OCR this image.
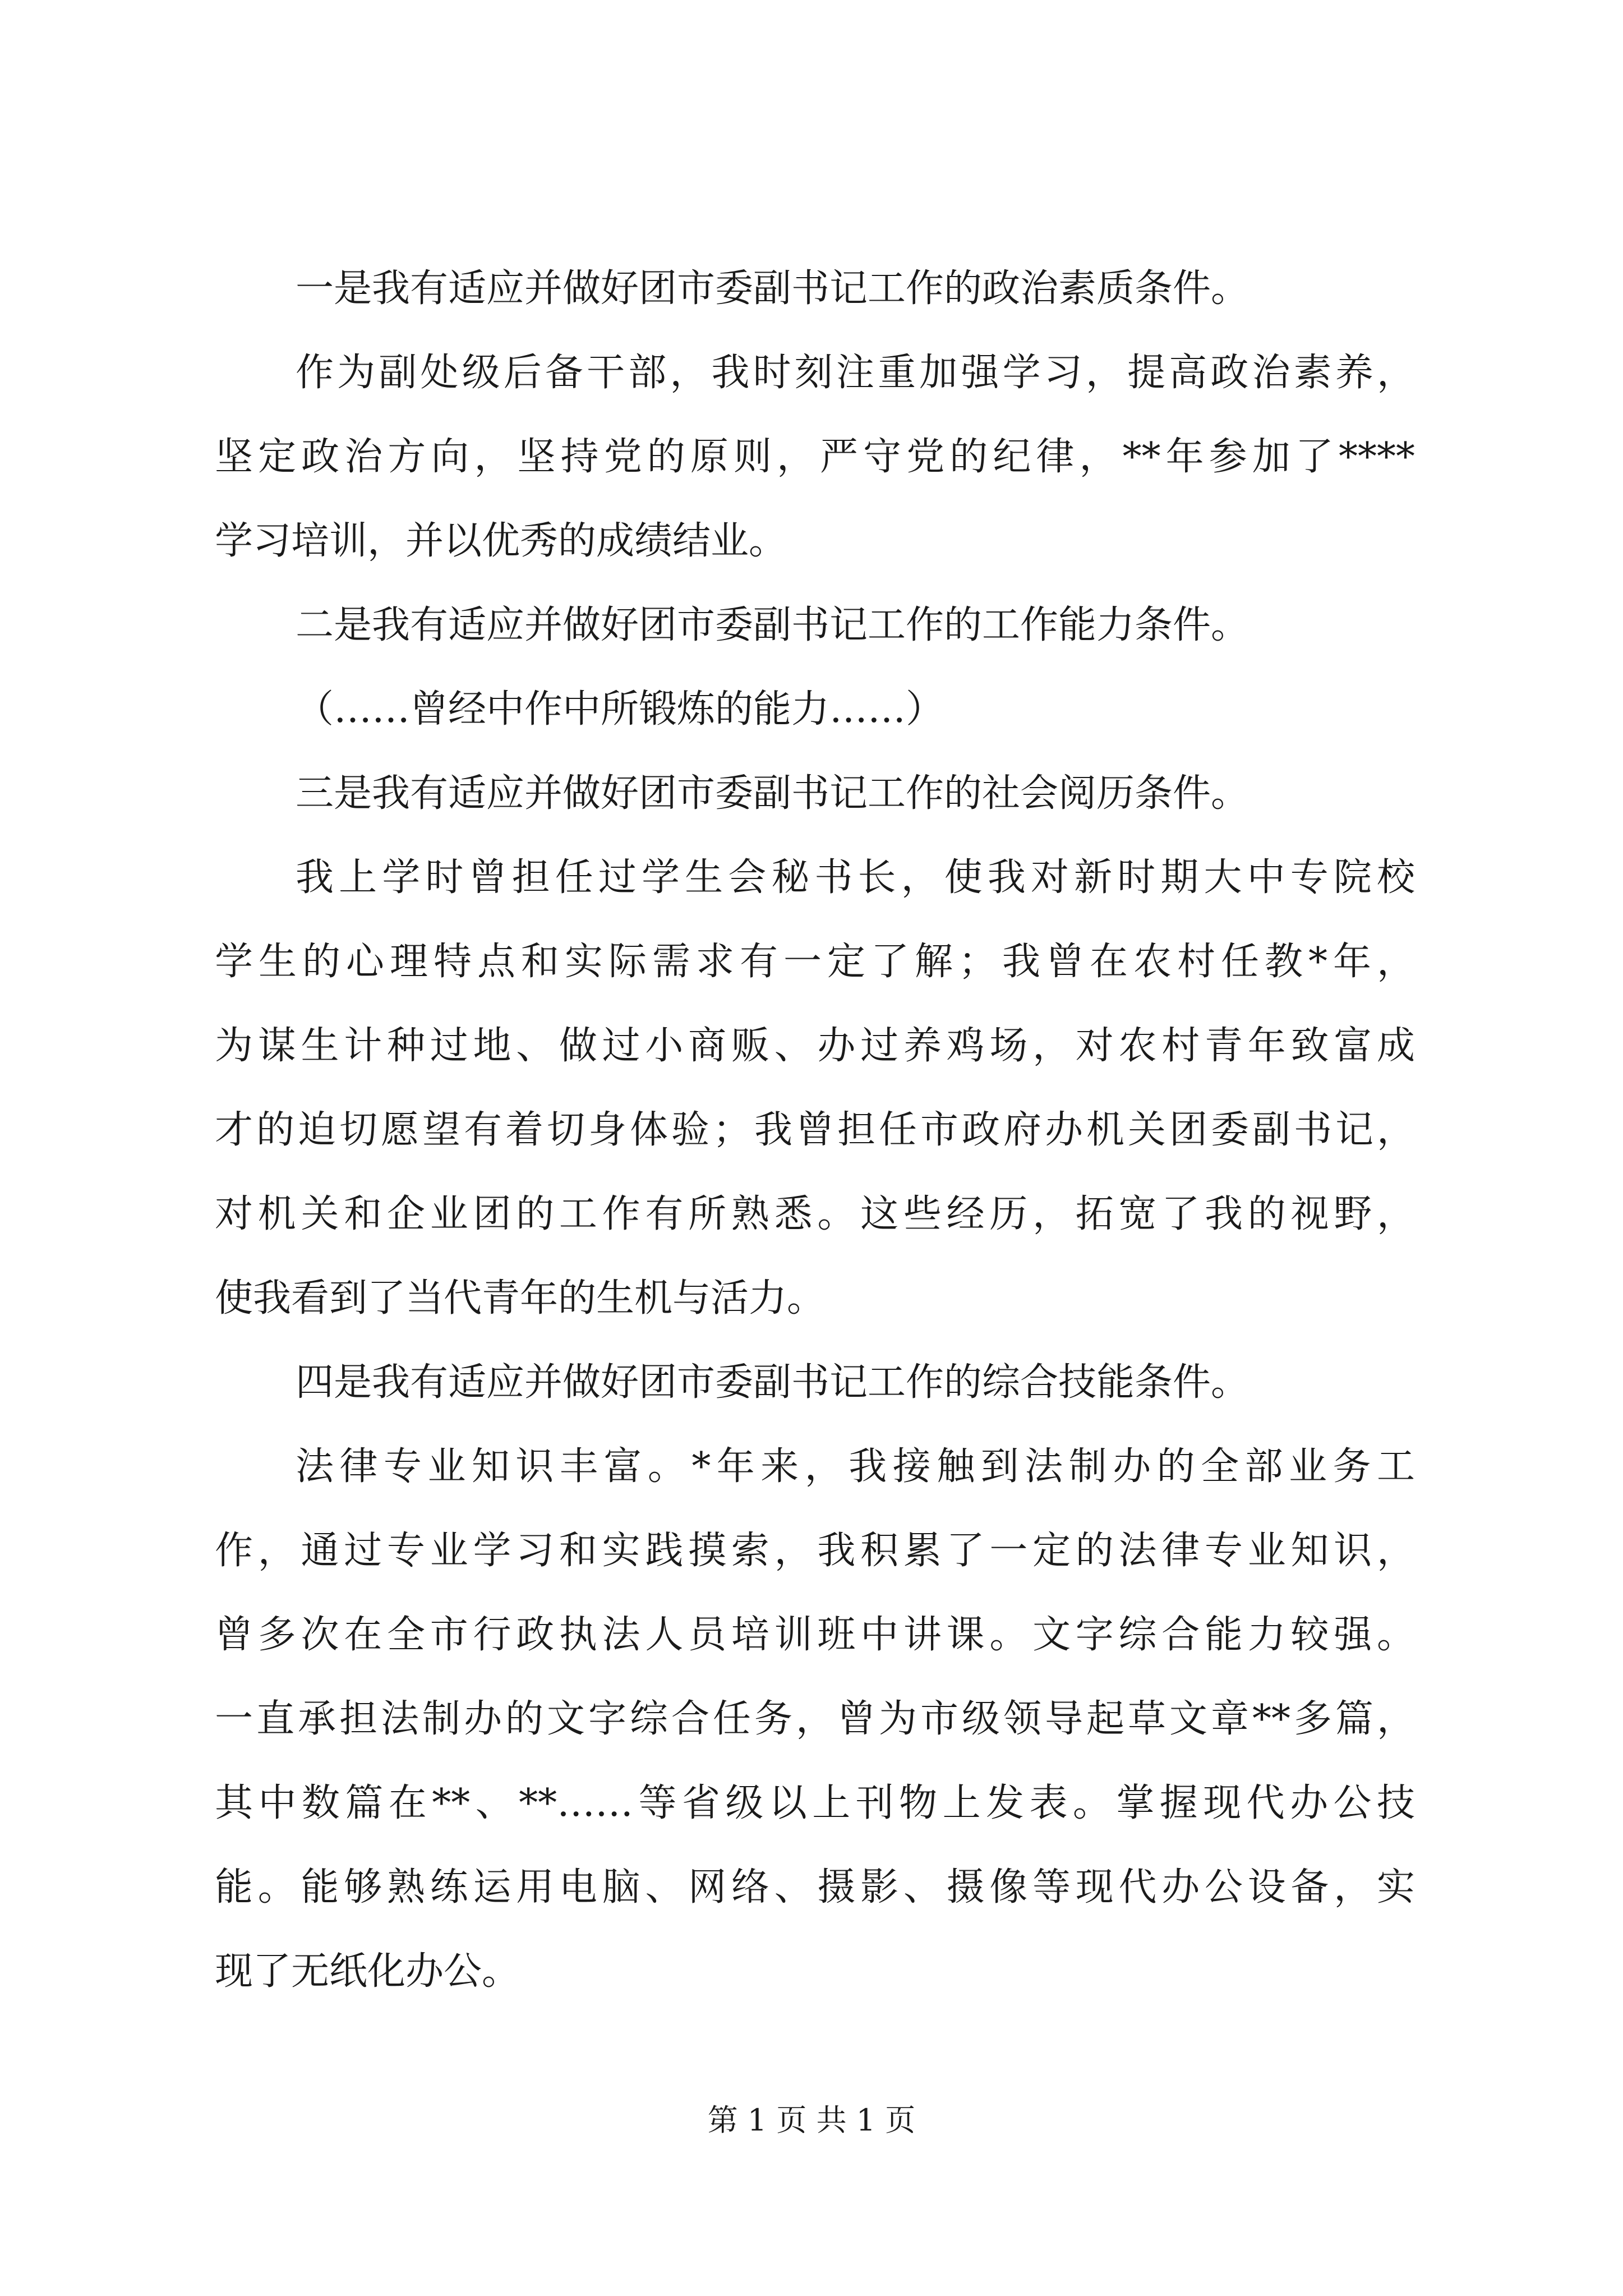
一是我有适应并做好团市委副书记工作的政治素质条件。
作为副处级后备干部，我时刻注重加强学习，提高政治素养，
坚定政治方向，坚持党的原则，严守党的纪律，**年参加了****
学习培训，并以优秀的成绩结业。
二是我有适应并做好团市委副书记工作的工作能力条件。
（……曾经中作中所锻炼的能力……）
三是我有适应并做好团市委副书记工作的社会阅历条件。
我上学时曾担任过学生会秘书长，使我对新时期大中专院校
学生的心理特点和实际需求有一定了解；我曾在农村任教*年，
为谋生计种过地、做过小商贩、办过养鸡场，对农村青年致富成
才的迫切愿望有着切身体验；我曾担任市政府办机关团委副书记，
对机关和企业团的工作有所熟悉。这些经历，拓宽了我的视野，
使我看到了当代青年的生机与活力。
四是我有适应并做好团市委副书记工作的综合技能条件。
法律专业知识丰富。*年来，我接触到法制办的全部业务工
作，通过专业学习和实践摸索，我积累了一定的法律专业知识，
曾多次在全市行政执法人员培训班中讲课。文字综合能力较强。
一直承担法制办的文字综合任务，曾为市级领导起草文章**多篇，
其中数篇在**、**……等省级以上刊物上发表。掌握现代办公技
能。能够熟练运用电脑、网络、摄影、摄像等现代办公设备，实
现了无纸化办公。
第 1 页 共 1 页
